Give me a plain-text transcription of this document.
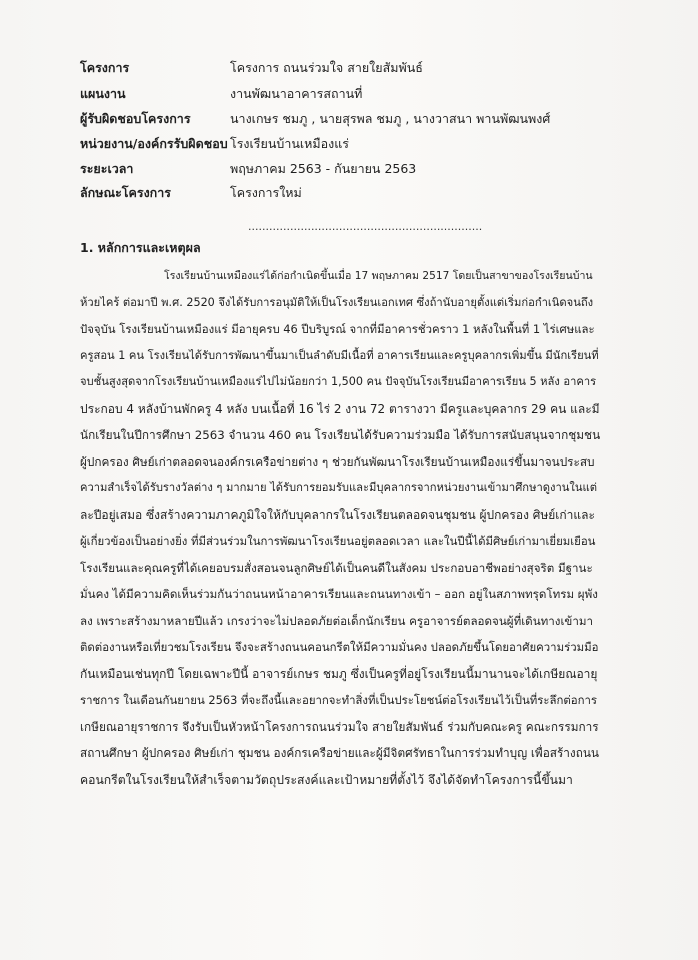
โครงการ	โครงการ ถนนร่วมใจ สายใยสัมพันธ์
แผนงาน	งานพัฒนาอาคารสถานที่
ผู้รับผิดชอบโครงการ	นางเกษร ชมภู , นายสุรพล ชมภู , นางวาสนา พานพัฒนพงศ์
หน่วยงาน/องค์กรรับผิดชอบ โรงเรียนบ้านเหมืองแร่
ระยะเวลา	พฤษภาคม 2563 - กันยายน 2563
ลักษณะโครงการ	โครงการใหม่
...................................................................
1. หลักการและเหตุผล
โรงเรียนบ้านเหมืองแร่ได้ก่อกำเนิดขึ้นเมื่อ 17 พฤษภาคม 2517 โดยเป็นสาขาของโรงเรียนบ้าน
ห้วยไคร้ ต่อมาปี พ.ศ. 2520 จึงได้รับการอนุมัติให้เป็นโรงเรียนเอกเทศ ซึ่งถ้านับอายุตั้งแต่เริ่มก่อกำเนิดจนถึง
ปัจจุบัน โรงเรียนบ้านเหมืองแร่ มีอายุครบ 46 ปีบริบูรณ์ จากที่มีอาคารชั่วคราว 1 หลังในพื้นที่ 1 ไร่เศษและ
ครูสอน 1 คน โรงเรียนได้รับการพัฒนาขึ้นมาเป็นลำดับมีเนื้อที่ อาคารเรียนและครูบุคลากรเพิ่มขึ้น มีนักเรียนที่
จบชั้นสูงสุดจากโรงเรียนบ้านเหมืองแร่ไปไม่น้อยกว่า 1,500 คน ปัจจุบันโรงเรียนมีอาคารเรียน 5 หลัง อาคาร
ประกอบ 4 หลังบ้านพักครู 4 หลัง บนเนื้อที่ 16 ไร่ 2 งาน 72 ตารางวา มีครูและบุคลากร 29 คน และมี
นักเรียนในปีการศึกษา 2563 จำนวน 460 คน โรงเรียนได้รับความร่วมมือ ได้รับการสนับสนุนจากชุมชน
ผู้ปกครอง ศิษย์เก่าตลอดจนองค์กรเครือข่ายต่าง ๆ ช่วยกันพัฒนาโรงเรียนบ้านเหมืองแร่ขึ้นมาจนประสบ
ความสำเร็จได้รับรางวัลต่าง ๆ มากมาย ได้รับการยอมรับและมีบุคลากรจากหน่วยงานเข้ามาศึกษาดูงานในแต่
ละปีอยู่เสมอ ซึ่งสร้างความภาคภูมิใจให้กับบุคลากรในโรงเรียนตลอดจนชุมชน ผู้ปกครอง ศิษย์เก่าและ
ผู้เกี่ยวข้องเป็นอย่างยิ่ง ที่มีส่วนร่วมในการพัฒนาโรงเรียนอยู่ตลอดเวลา และในปีนี้ได้มีศิษย์เก่ามาเยี่ยมเยือน
โรงเรียนและคุณครูที่ได้เคยอบรมสั่งสอนจนลูกศิษย์ได้เป็นคนดีในสังคม ประกอบอาชีพอย่างสุจริต มีฐานะ
มั่นคง ได้มีความคิดเห็นร่วมกันว่าถนนหน้าอาคารเรียนและถนนทางเข้า – ออก อยู่ในสภาพทรุดโทรม ผุพัง
ลง เพราะสร้างมาหลายปีแล้ว เกรงว่าจะไม่ปลอดภัยต่อเด็กนักเรียน ครูอาจารย์ตลอดจนผู้ที่เดินทางเข้ามา
ติดต่องานหรือเที่ยวชมโรงเรียน จึงจะสร้างถนนคอนกรีตให้มีความมั่นคง ปลอดภัยขึ้นโดยอาศัยความร่วมมือ
กันเหมือนเช่นทุกปี โดยเฉพาะปีนี้ อาจารย์เกษร ชมภู ซึ่งเป็นครูที่อยู่โรงเรียนนี้มานานจะได้เกษียณอายุ
ราชการ ในเดือนกันยายน 2563 ที่จะถึงนี้และอยากจะทำสิ่งที่เป็นประโยชน์ต่อโรงเรียนไว้เป็นที่ระลึกต่อการ
เกษียณอายุราชการ จึงรับเป็นหัวหน้าโครงการถนนร่วมใจ สายใยสัมพันธ์ ร่วมกับคณะครู คณะกรรมการ
สถานศึกษา ผู้ปกครอง ศิษย์เก่า ชุมชน องค์กรเครือข่ายและผู้มีจิตศรัทธาในการร่วมทำบุญ เพื่อสร้างถนน
คอนกรีตในโรงเรียนให้สำเร็จตามวัตถุประสงค์และเป้าหมายที่ตั้งไว้ จึงได้จัดทำโครงการนี้ขึ้นมา
